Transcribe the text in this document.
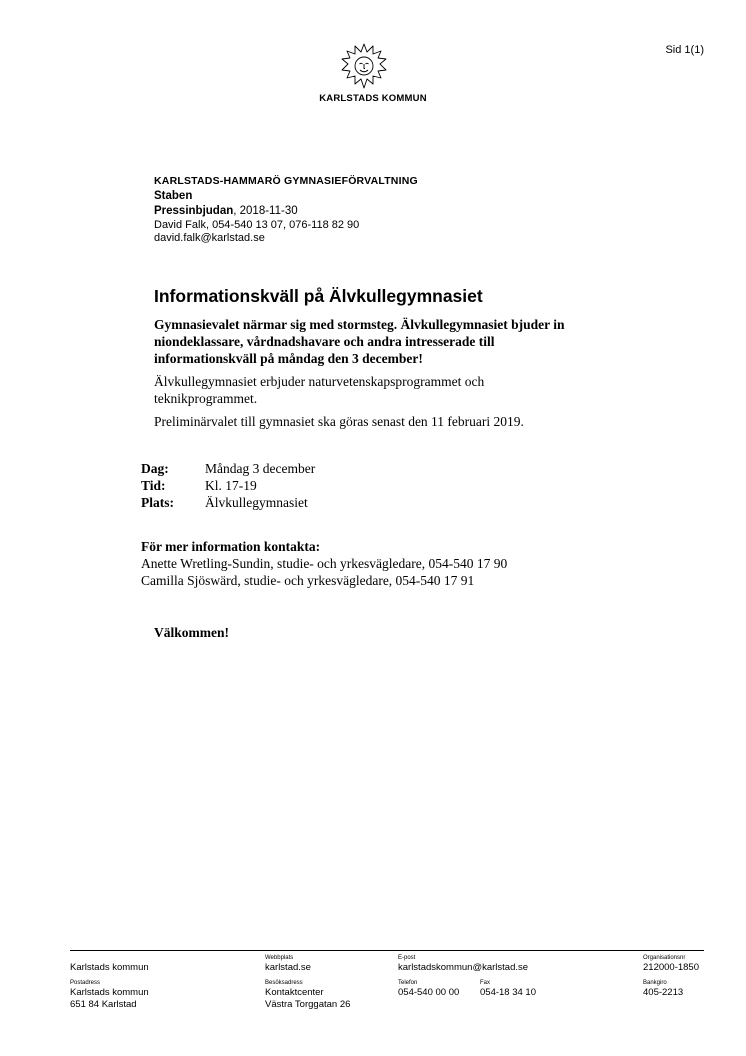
Sid 1(1)
KARLSTADS KOMMUN
KARLSTADS-HAMMARÖ GYMNASIEFÖRVALTNING
Staben
Pressinbjudan, 2018-11-30
David Falk, 054-540 13 07, 076-118 82 90
david.falk@karlstad.se
Informationskväll på Älvkullegymnasiet

Gymnasievalet närmar sig med stormsteg. Älvkullegymnasiet bjuder in
niondeklassare, vårdnadshavare och andra intresserade till
informationskväll på måndag den 3 december!

Älvkullegymnasiet erbjuder naturvetenskapsprogrammet och
teknikprogrammet.

Preliminärvalet till gymnasiet ska göras senast den 11 februari 2019.

Dag:	Måndag 3 december
Tid:	Kl. 17-19
Plats:	Älvkullegymnasiet
För mer information kontakta:
Anette Wretling-Sundin, studie- och yrkesvägledare, 054-540 17 90
Camilla Sjöswärd, studie- och yrkesvägledare, 054-540 17 91
Välkommen!
Karlstads kommun
Postadress
Karlstads kommun
651 84 Karlstad
Webbplats
karlstad.se
Besöksadress
Kontaktcenter
Västra Torggatan 26
E-post
karlstadskommun@karlstad.se
Telefon
054-540 00 00
Fax
054-18 34 10
Organisationsnr
212000-1850
Bankgiro
405-2213
